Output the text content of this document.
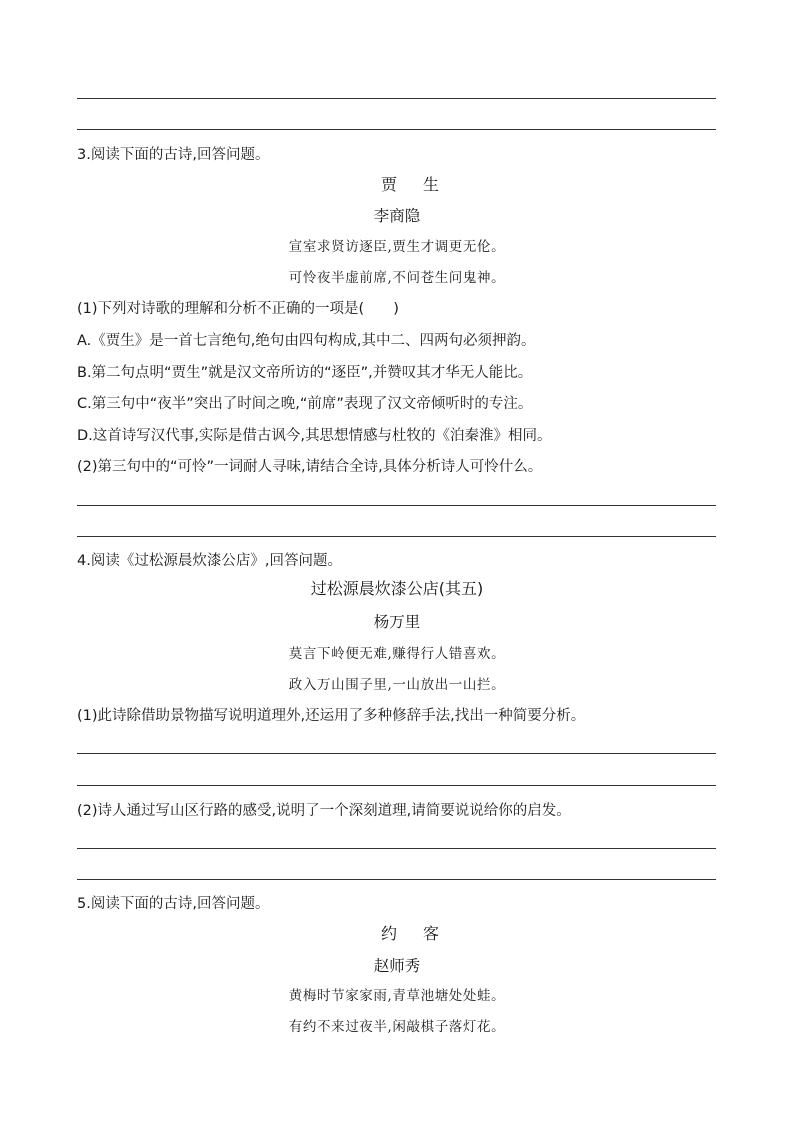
3.阅读下面的古诗,回答问题。
贾生
李商隐
宣室求贤访逐臣,贾生才调更无伦。
可怜夜半虚前席,不问苍生问鬼神。
(1)下列对诗歌的理解和分析不正确的一项是(　　)
A.《贾生》是一首七言绝句,绝句由四句构成,其中二、四两句必须押韵。
B.第二句点明“贾生”就是汉文帝所访的“逐臣”,并赞叹其才华无人能比。
C.第三句中“夜半”突出了时间之晚,“前席”表现了汉文帝倾听时的专注。
D.这首诗写汉代事,实际是借古讽今,其思想情感与杜牧的《泊秦淮》相同。
(2)第三句中的“可怜”一词耐人寻味,请结合全诗,具体分析诗人可怜什么。
4.阅读《过松源晨炊漆公店》,回答问题。
过松源晨炊漆公店(其五)
杨万里
莫言下岭便无难,赚得行人错喜欢。
政入万山围子里,一山放出一山拦。
(1)此诗除借助景物描写说明道理外,还运用了多种修辞手法,找出一种简要分析。
(2)诗人通过写山区行路的感受,说明了一个深刻道理,请简要说说给你的启发。
5.阅读下面的古诗,回答问题。
约客
赵师秀
黄梅时节家家雨,青草池塘处处蛙。
有约不来过夜半,闲敲棋子落灯花。
